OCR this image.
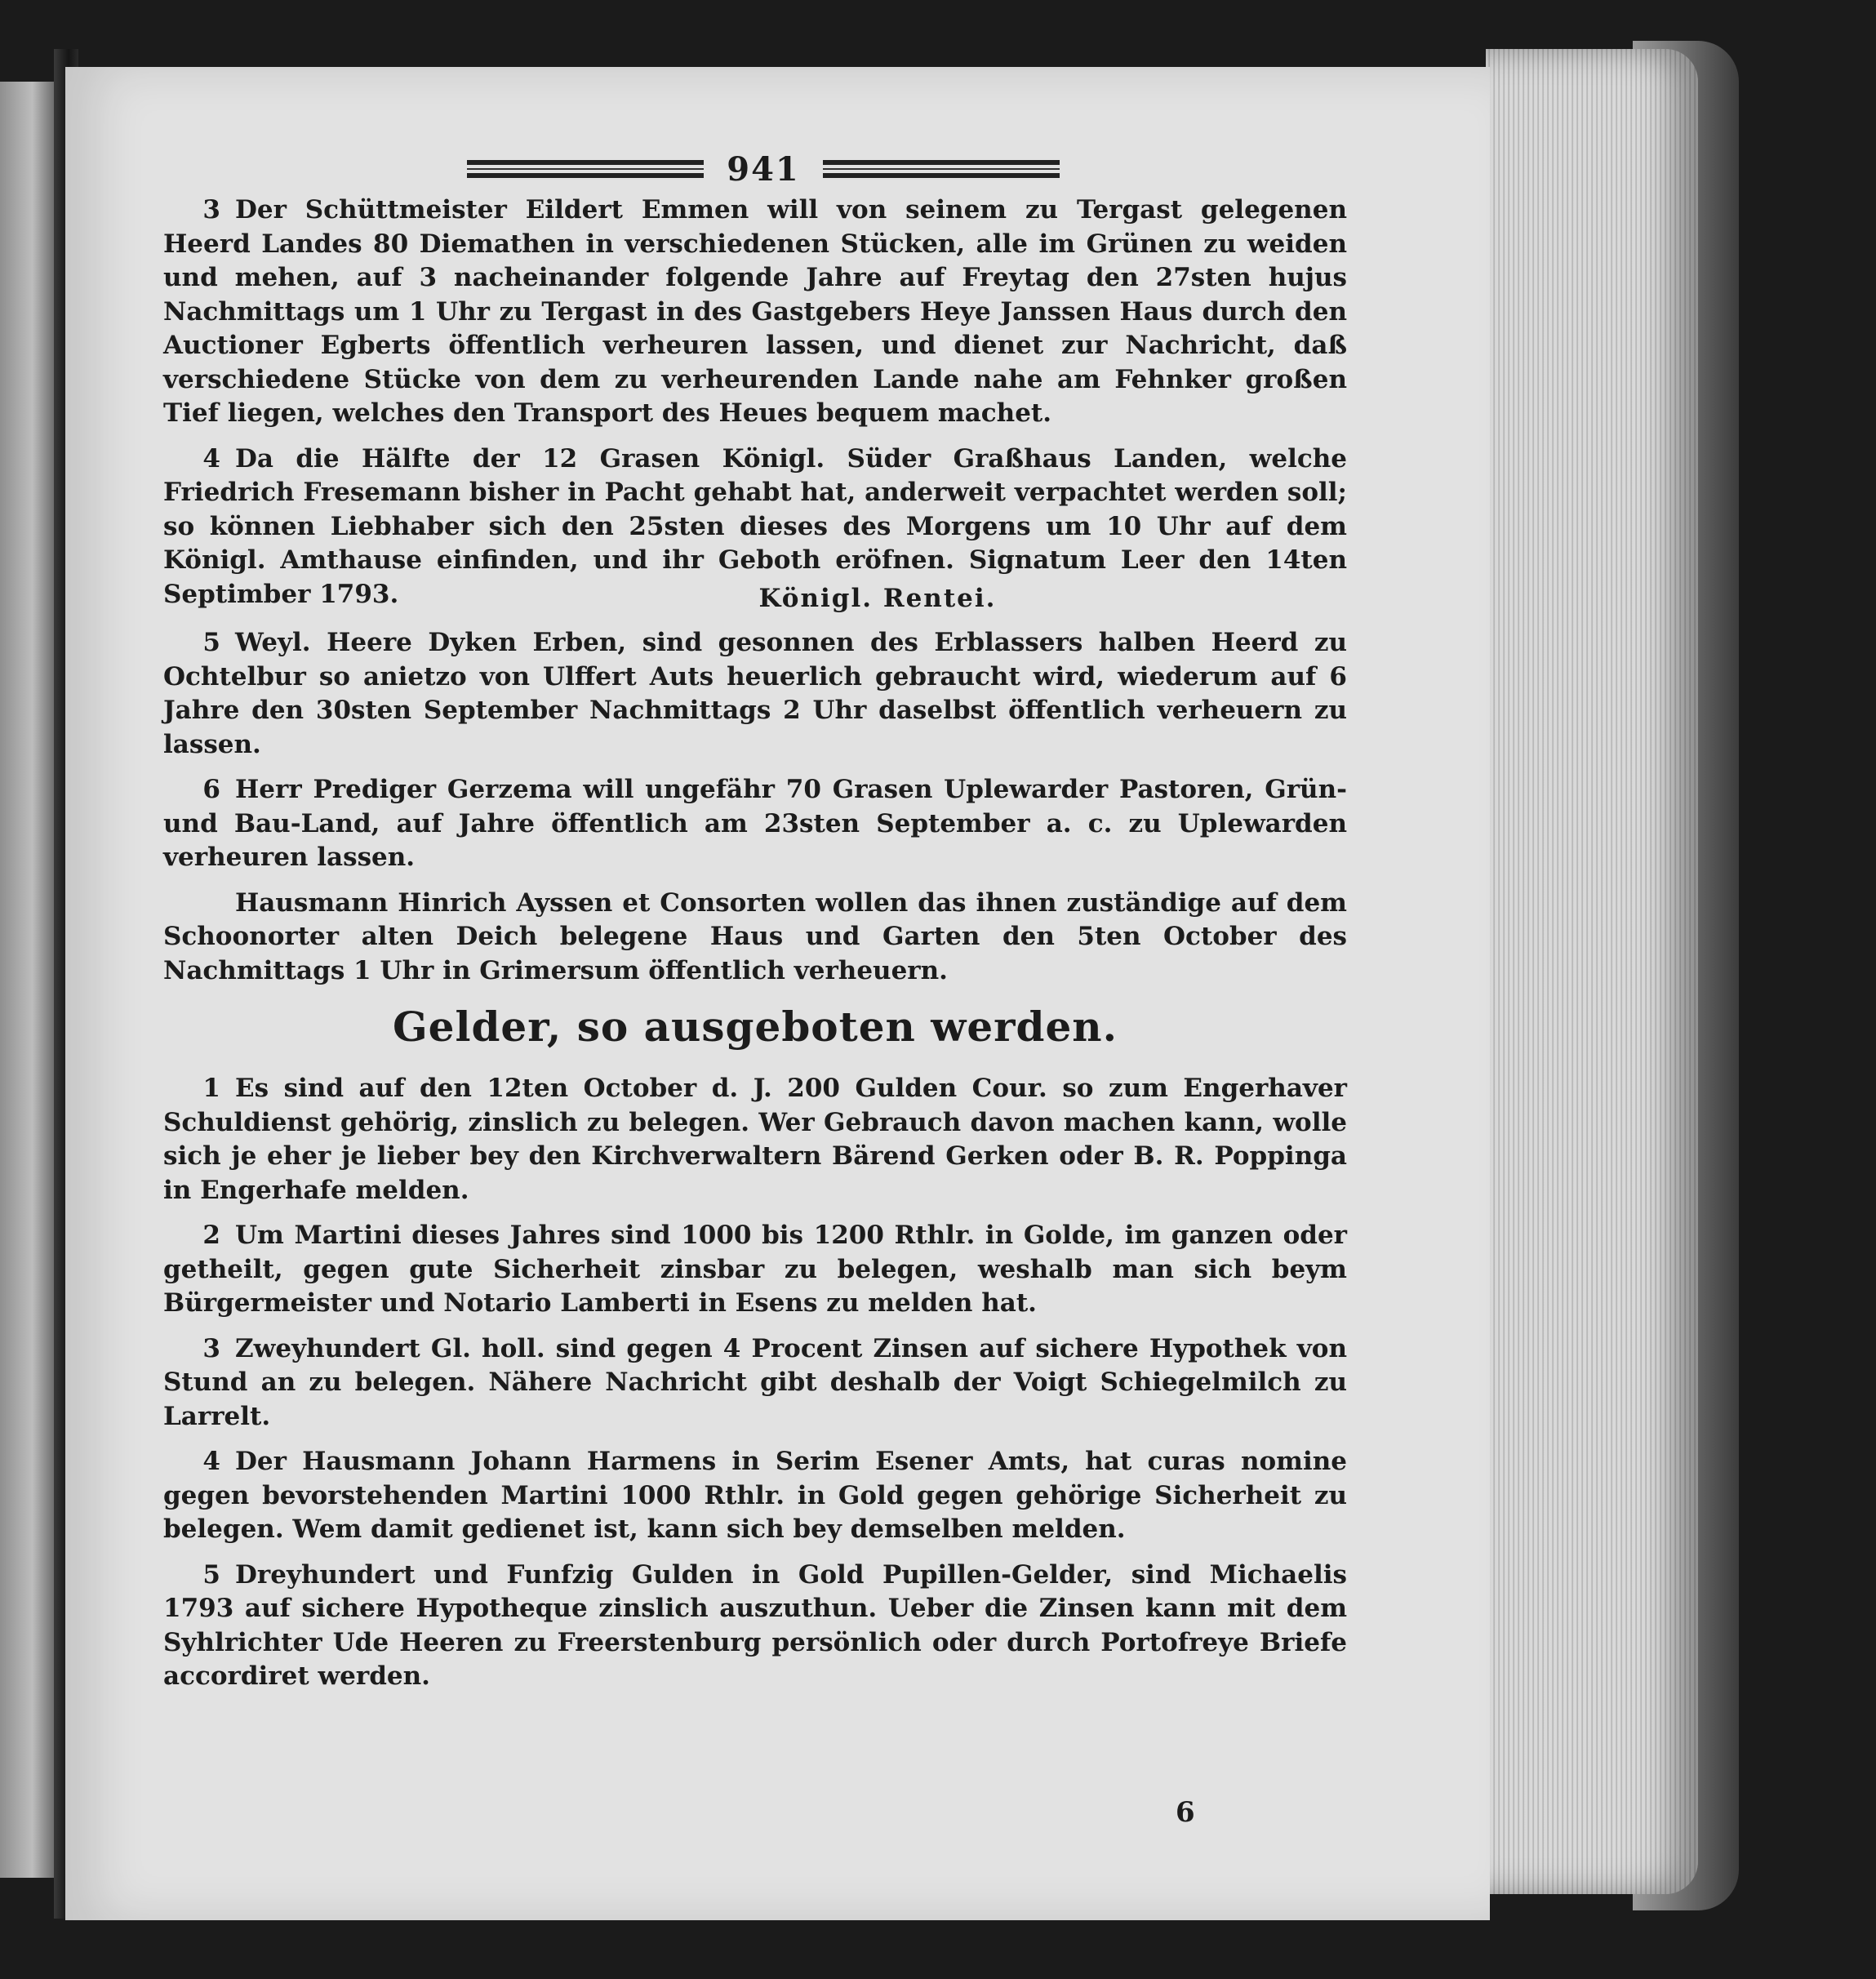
941

3 Der Schüttmeister Eildert Emmen will von seinem zu Tergast gelegenen Heerd Landes 80 Diemathen in verschiedenen Stücken, alle im Grünen zu weiden und mehen, auf 3 nacheinander folgende Jahre auf Freytag den 27sten hujus Nachmittags um 1 Uhr zu Tergast in des Gastgebers Heye Janssen Haus durch den Auctioner Egberts öffentlich verheuren lassen, und dienet zur Nachricht, daß verschiedene Stücke von dem zu verheurenden Lande nahe am Fehnker großen Tief liegen, welches den Transport des Heues bequem machet.

4 Da die Hälfte der 12 Grasen Königl. Süder Graßhaus Landen, welche Friedrich Fresemann bisher in Pacht gehabt hat, anderweit verpachtet werden soll; so können Liebhaber sich den 25sten dieses des Morgens um 10 Uhr auf dem Königl. Amthause einfinden, und ihr Geboth eröfnen. Signatum Leer den 14ten Septimber 1793.	Königl. Rentei.

5 Weyl. Heere Dyken Erben, sind gesonnen des Erblassers halben Heerd zu Ochtelbur so anietzo von Ulffert Auts heuerlich gebraucht wird, wiederum auf 6 Jahre den 30sten September Nachmittags 2 Uhr daselbst öffentlich verheuern zu lassen.

6 Herr Prediger Gerzema will ungefähr 70 Grasen Uplewarder Pastoren, Grün- und Bau-Land, auf Jahre öffentlich am 23sten September a. c. zu Uplewarden verheuren lassen.

Hausmann Hinrich Ayssen et Consorten wollen das ihnen zuständige auf dem Schoonorter alten Deich belegene Haus und Garten den 5ten October des Nachmittags 1 Uhr in Grimersum öffentlich verheuern.

Gelder, so ausgeboten werden.

1 Es sind auf den 12ten October d. J. 200 Gulden Cour. so zum Engerhaver Schuldienst gehörig, zinslich zu belegen. Wer Gebrauch davon machen kann, wolle sich je eher je lieber bey den Kirchverwaltern Bärend Gerken oder B. R. Poppinga in Engerhafe melden.

2 Um Martini dieses Jahres sind 1000 bis 1200 Rthlr. in Golde, im ganzen oder getheilt, gegen gute Sicherheit zinsbar zu belegen, weshalb man sich beym Bürgermeister und Notario Lamberti in Esens zu melden hat.

3 Zweyhundert Gl. holl. sind gegen 4 Procent Zinsen auf sichere Hypothek von Stund an zu belegen. Nähere Nachricht gibt deshalb der Voigt Schiegelmilch zu Larrelt.

4 Der Hausmann Johann Harmens in Serim Esener Amts, hat curas nomine gegen bevorstehenden Martini 1000 Rthlr. in Gold gegen gehörige Sicherheit zu belegen. Wem damit gedienet ist, kann sich bey demselben melden.

5 Dreyhundert und Funfzig Gulden in Gold Pupillen-Gelder, sind Michaelis 1793 auf sichere Hypotheque zinslich auszuthun. Ueber die Zinsen kann mit dem Syhlrichter Ude Heeren zu Freerstenburg persönlich oder durch Portofreye Briefe accordiret werden.

6
